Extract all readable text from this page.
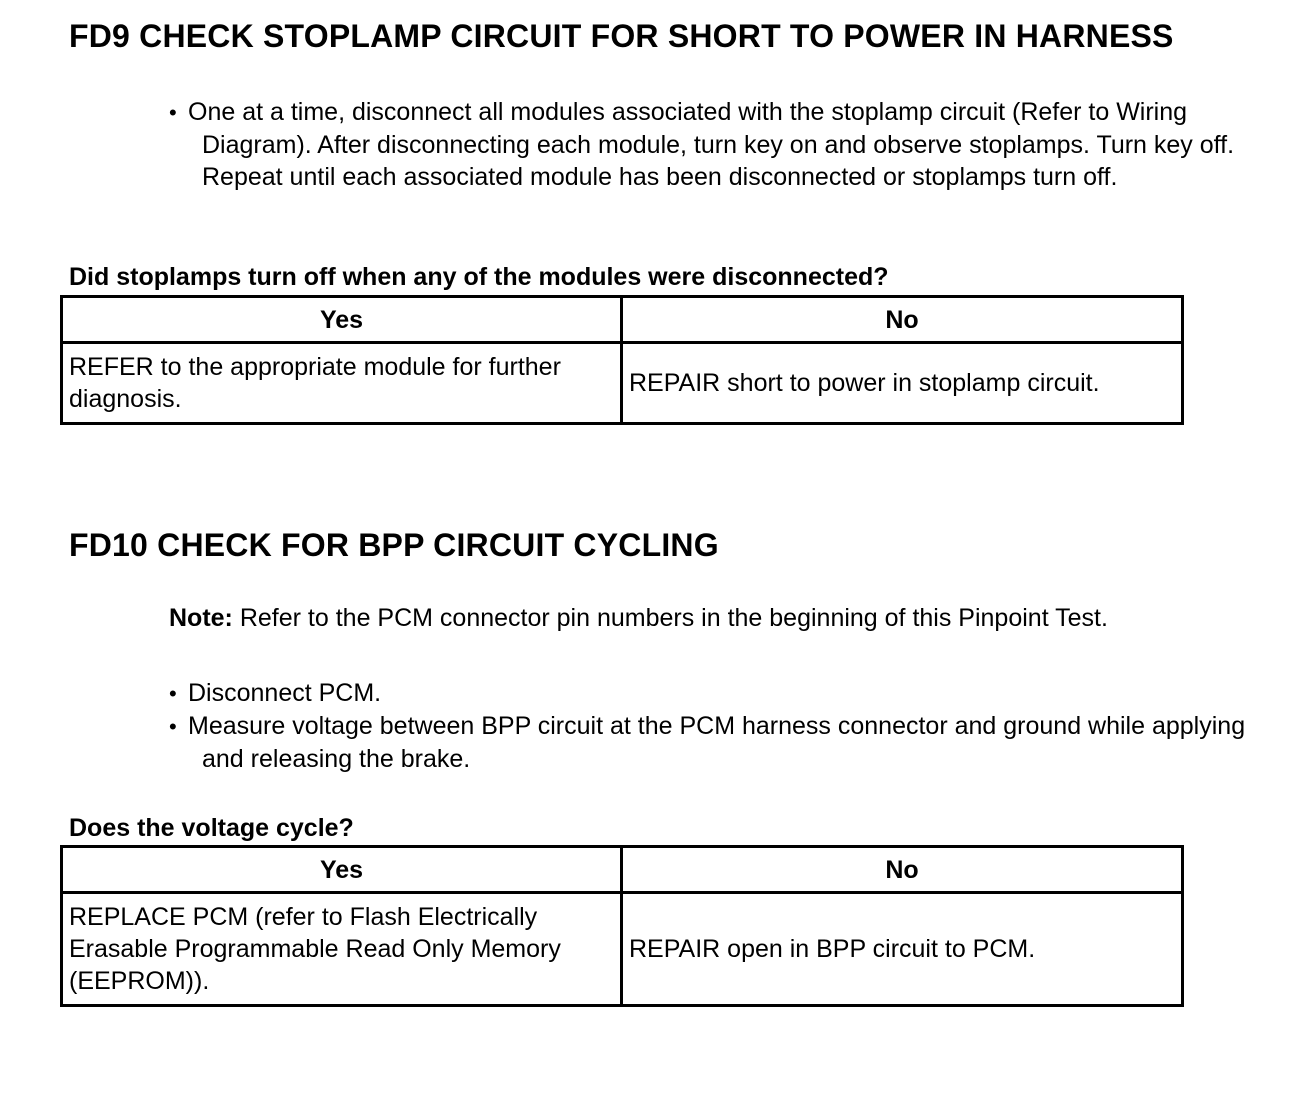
FD9 CHECK STOPLAMP CIRCUIT FOR SHORT TO POWER IN HARNESS
• One at a time, disconnect all modules associated with the stoplamp circuit (Refer to Wiring Diagram). After disconnecting each module, turn key on and observe stoplamps. Turn key off. Repeat until each associated module has been disconnected or stoplamps turn off.

Did stoplamps turn off when any of the modules were disconnected?

Yes	No
REFER to the appropriate module for further diagnosis.	REPAIR short to power in stoplamp circuit.
FD10 CHECK FOR BPP CIRCUIT CYCLING

Note: Refer to the PCM connector pin numbers in the beginning of this Pinpoint Test.

• Disconnect PCM.
• Measure voltage between BPP circuit at the PCM harness connector and ground while applying and releasing the brake.

Does the voltage cycle?

Yes	No
REPLACE PCM (refer to Flash Electrically Erasable Programmable Read Only Memory (EEPROM)).	REPAIR open in BPP circuit to PCM.
